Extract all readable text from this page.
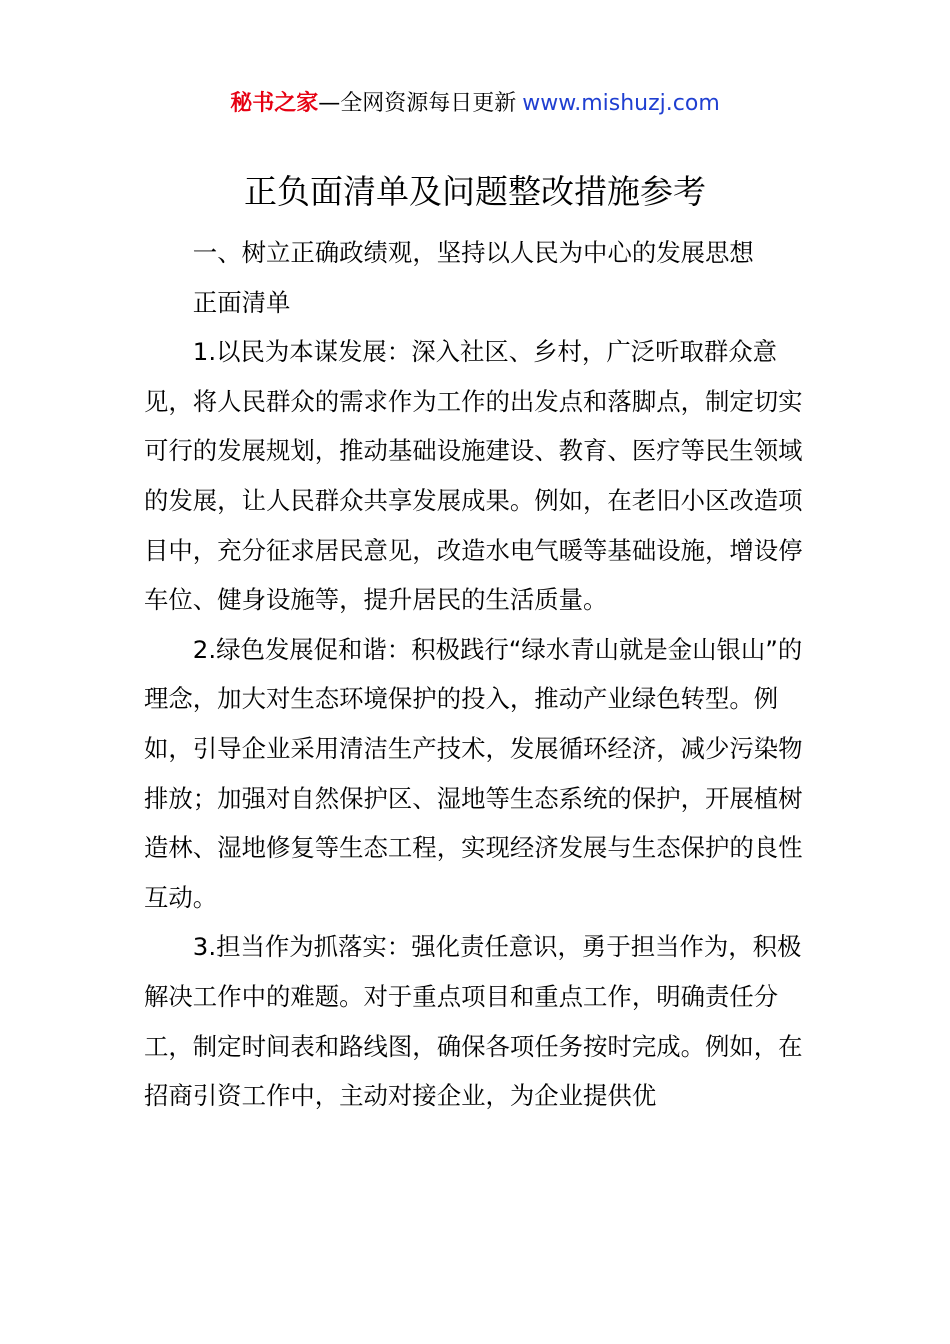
秘书之家—全网资源每日更新 www.mishuzj.com
正负面清单及问题整改措施参考

一、树立正确政绩观，坚持以人民为中心的发展思想

正面清单

1.以民为本谋发展：深入社区、乡村，广泛听取群众意见，将人民群众的需求作为工作的出发点和落脚点，制定切实可行的发展规划，推动基础设施建设、教育、医疗等民生领域的发展，让人民群众共享发展成果。例如，在老旧小区改造项目中，充分征求居民意见，改造水电气暖等基础设施，增设停车位、健身设施等，提升居民的生活质量。

2.绿色发展促和谐：积极践行“绿水青山就是金山银山”的理念，加大对生态环境保护的投入，推动产业绿色转型。例如，引导企业采用清洁生产技术，发展循环经济，减少污染物排放；加强对自然保护区、湿地等生态系统的保护，开展植树造林、湿地修复等生态工程，实现经济发展与生态保护的良性互动。

3.担当作为抓落实：强化责任意识，勇于担当作为，积极解决工作中的难题。对于重点项目和重点工作，明确责任分工，制定时间表和路线图，确保各项任务按时完成。例如，在招商引资工作中，主动对接企业，为企业提供优
